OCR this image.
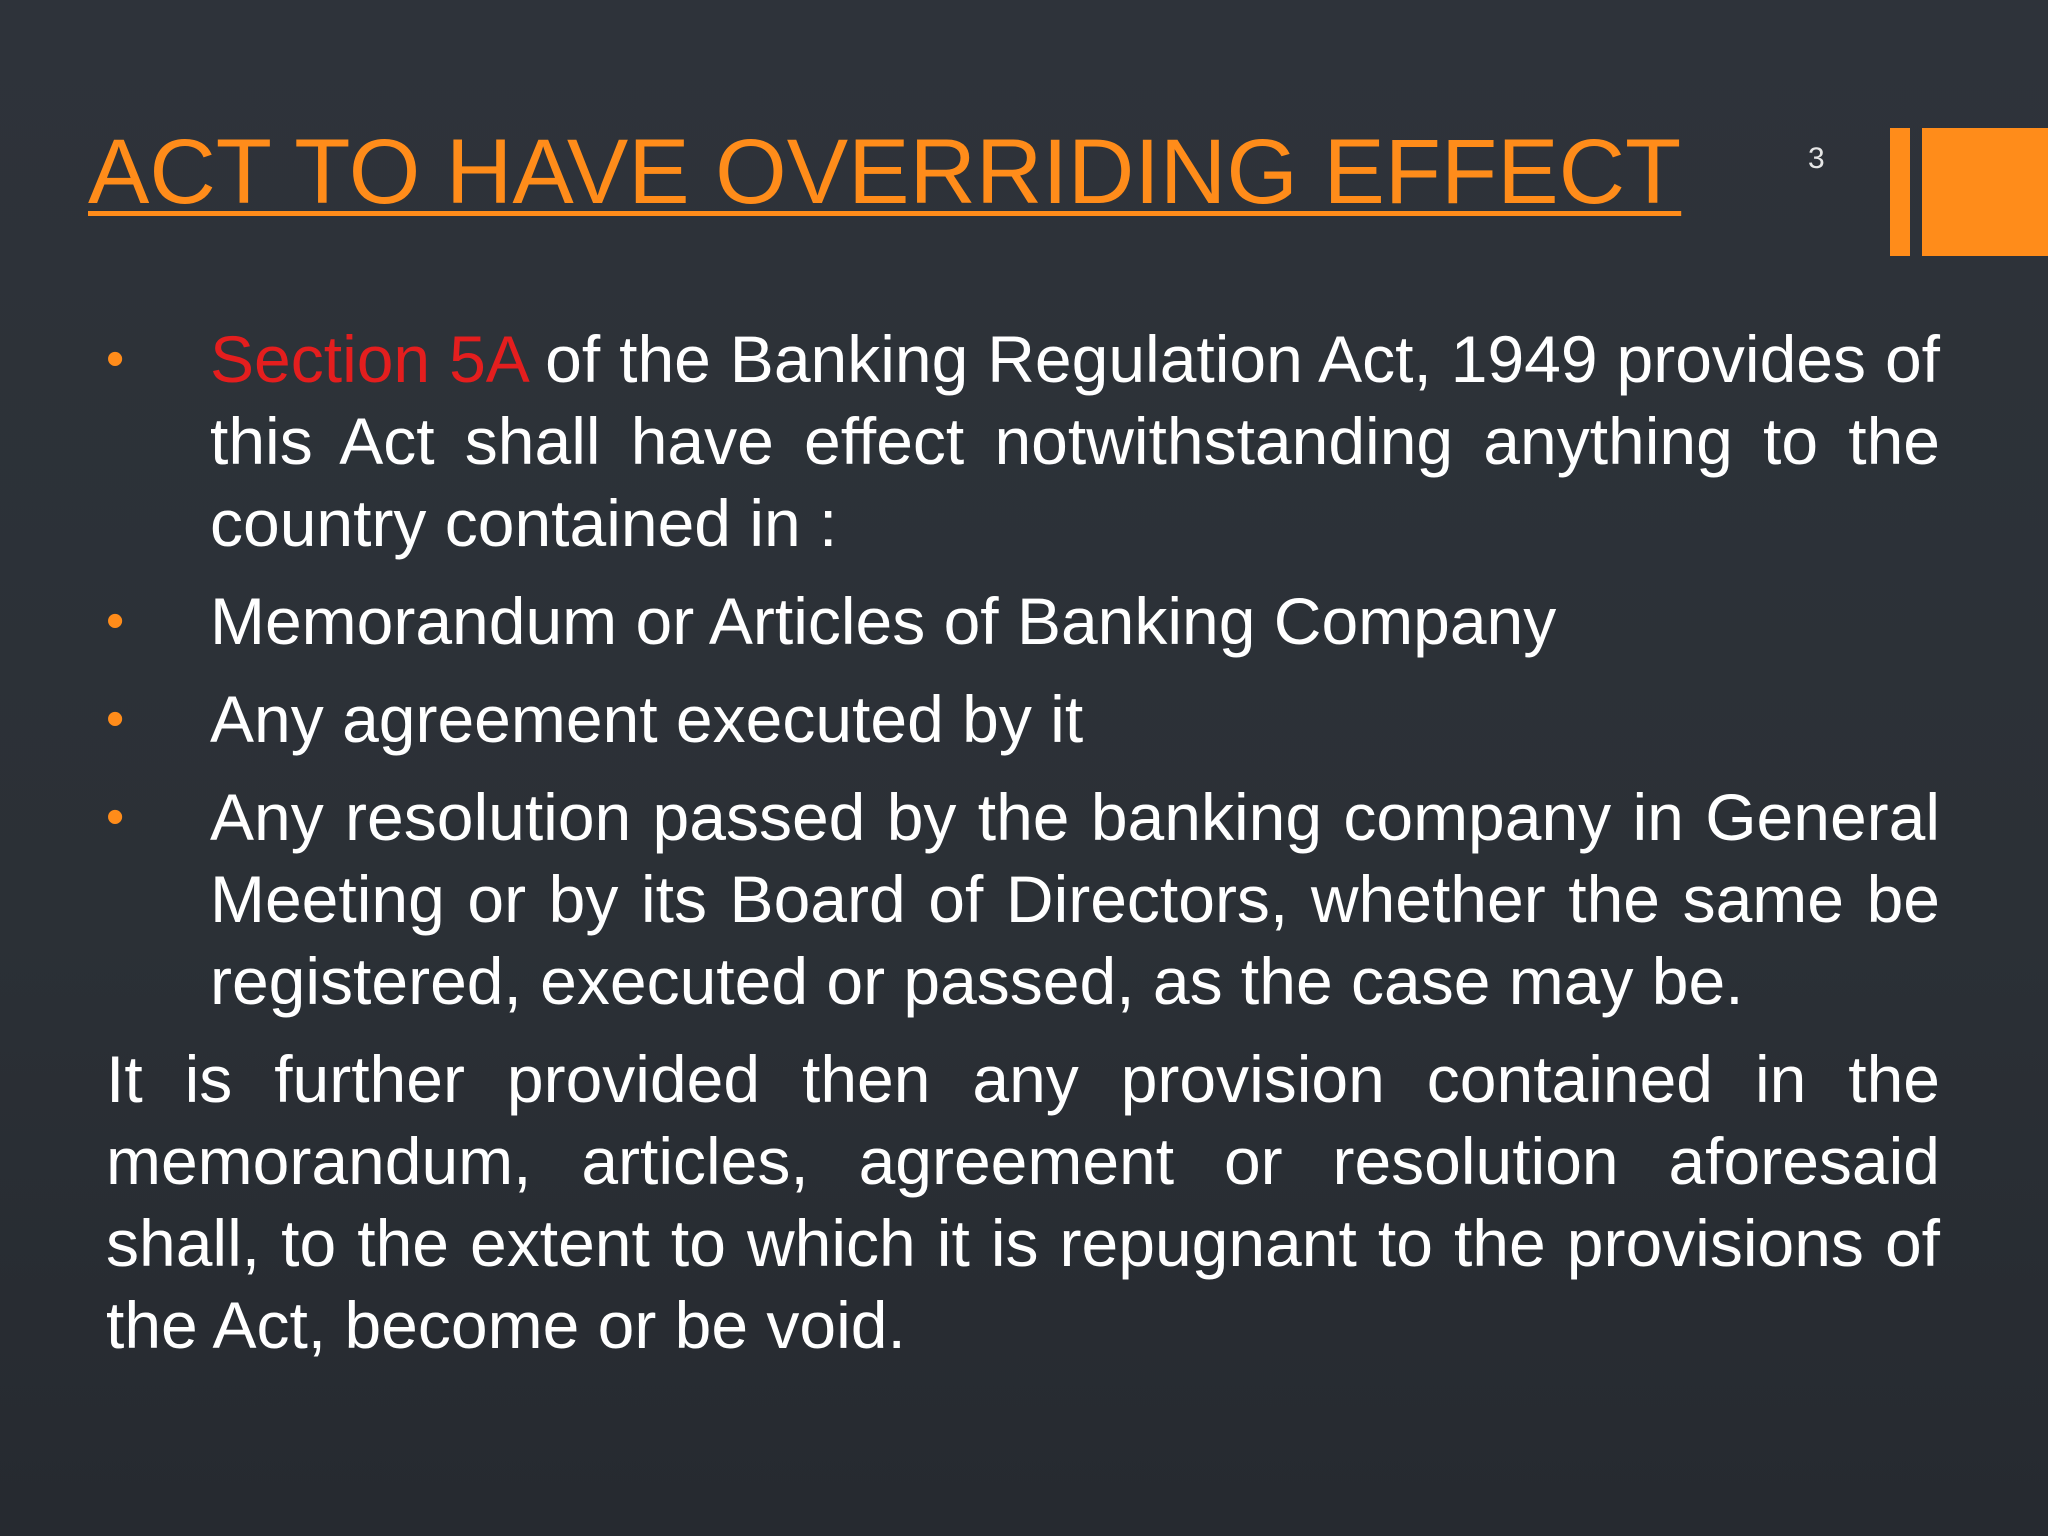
ACT TO HAVE OVERRIDING EFFECT	3
• Section 5A of the Banking Regulation Act, 1949 provides of this Act shall have effect notwithstanding anything to the country contained in :
• Memorandum or Articles of Banking Company
• Any agreement executed by it
• Any resolution passed by the banking company in General Meeting or by its Board of Directors, whether the same be registered, executed or passed, as the case may be.

It is further provided then any provision contained in the memorandum, articles, agreement or resolution aforesaid shall, to the extent to which it is repugnant to the provisions of the Act, become or be void.
